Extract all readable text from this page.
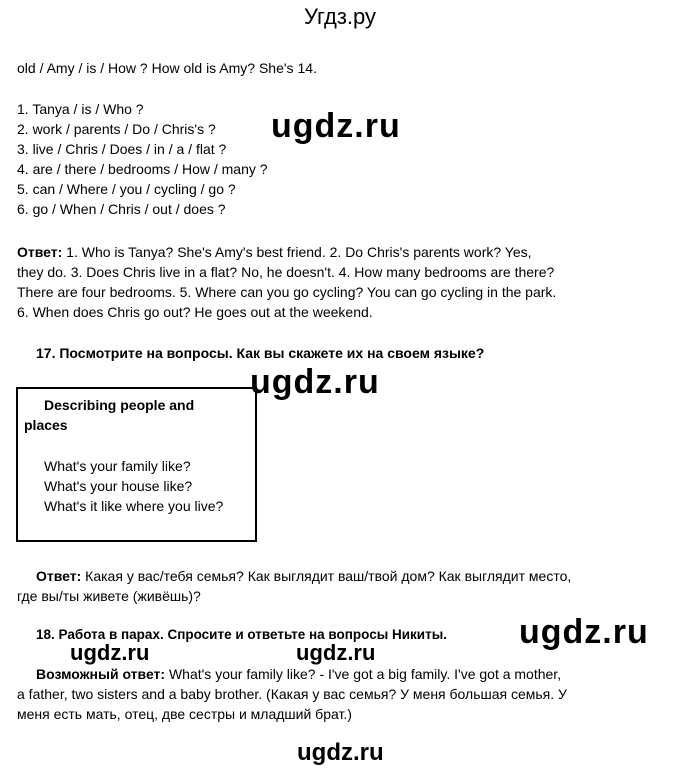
Угдз.ру
old / Amy / is / How ? How old is Amy? She's 14.
1. Tanya / is / Who ?
2. work / parents / Do / Chris's ?
3. live / Chris / Does / in / a / flat ?
4. are / there / bedrooms / How / many ?
5. can / Where / you / cycling / go ?
6. go / When / Chris / out / does ?
ugdz.ru
Ответ: 1. Who is Tanya? She's Amy's best friend. 2. Do Chris's parents work? Yes,
they do. 3. Does Chris live in a flat? No, he doesn't. 4. How many bedrooms are there?
There are four bedrooms. 5. Where can you go cycling? You can go cycling in the park.
6. When does Chris go out? He goes out at the weekend.
17. Посмотрите на вопросы. Как вы скажете их на своем языке?
ugdz.ru
Describing people and
places
What's your family like?
What's your house like?
What's it like where you live?
Ответ: Какая у вас/тебя семья? Как выглядит ваш/твой дом? Как выглядит место,
где вы/ты живете (живёшь)?
18. Работа в парах. Спросите и ответьте на вопросы Никиты. ugdz.ru
ugdz.ru	ugdz.ru
Возможный ответ: What's your family like? - I've got a big family. I've got a mother,
a father, two sisters and a baby brother. (Какая у вас семья? У меня большая семья. У
меня есть мать, отец, две сестры и младший брат.)
ugdz.ru
